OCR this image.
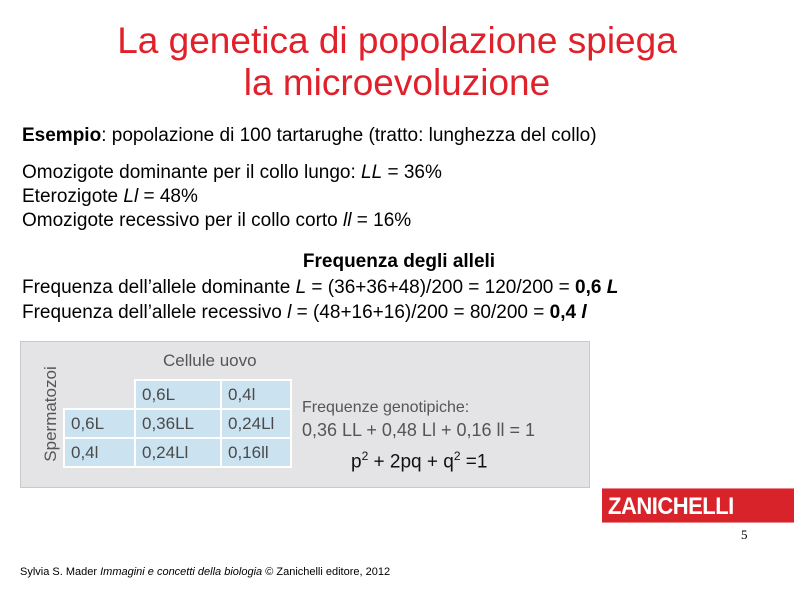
La genetica di popolazione spiega
la microevoluzione
Esempio: popolazione di 100 tartarughe (tratto: lunghezza del collo)
Omozigote dominante per il collo lungo: LL = 36%
Eterozigote Ll = 48%
Omozigote recessivo per il collo corto ll = 16%
Frequenza degli alleli
Frequenza dell’allele dominante L = (36+36+48)/200 = 120/200 = 0,6 L
Frequenza dell’allele recessivo l = (48+16+16)/200 = 80/200 = 0,4 l
Spermatozoi
Cellule uovo
	0,6L	0,4l
0,6L	0,36LL	0,24Ll
0,4l	0,24Ll	0,16ll
Frequenze genotipiche:
0,36 LL + 0,48 Ll + 0,16 ll = 1
$p^2 + 2pq + q^2 =1$
ZANICHELLI
5
Sylvia S. Mader Immagini e concetti della biologia © Zanichelli editore, 2012
